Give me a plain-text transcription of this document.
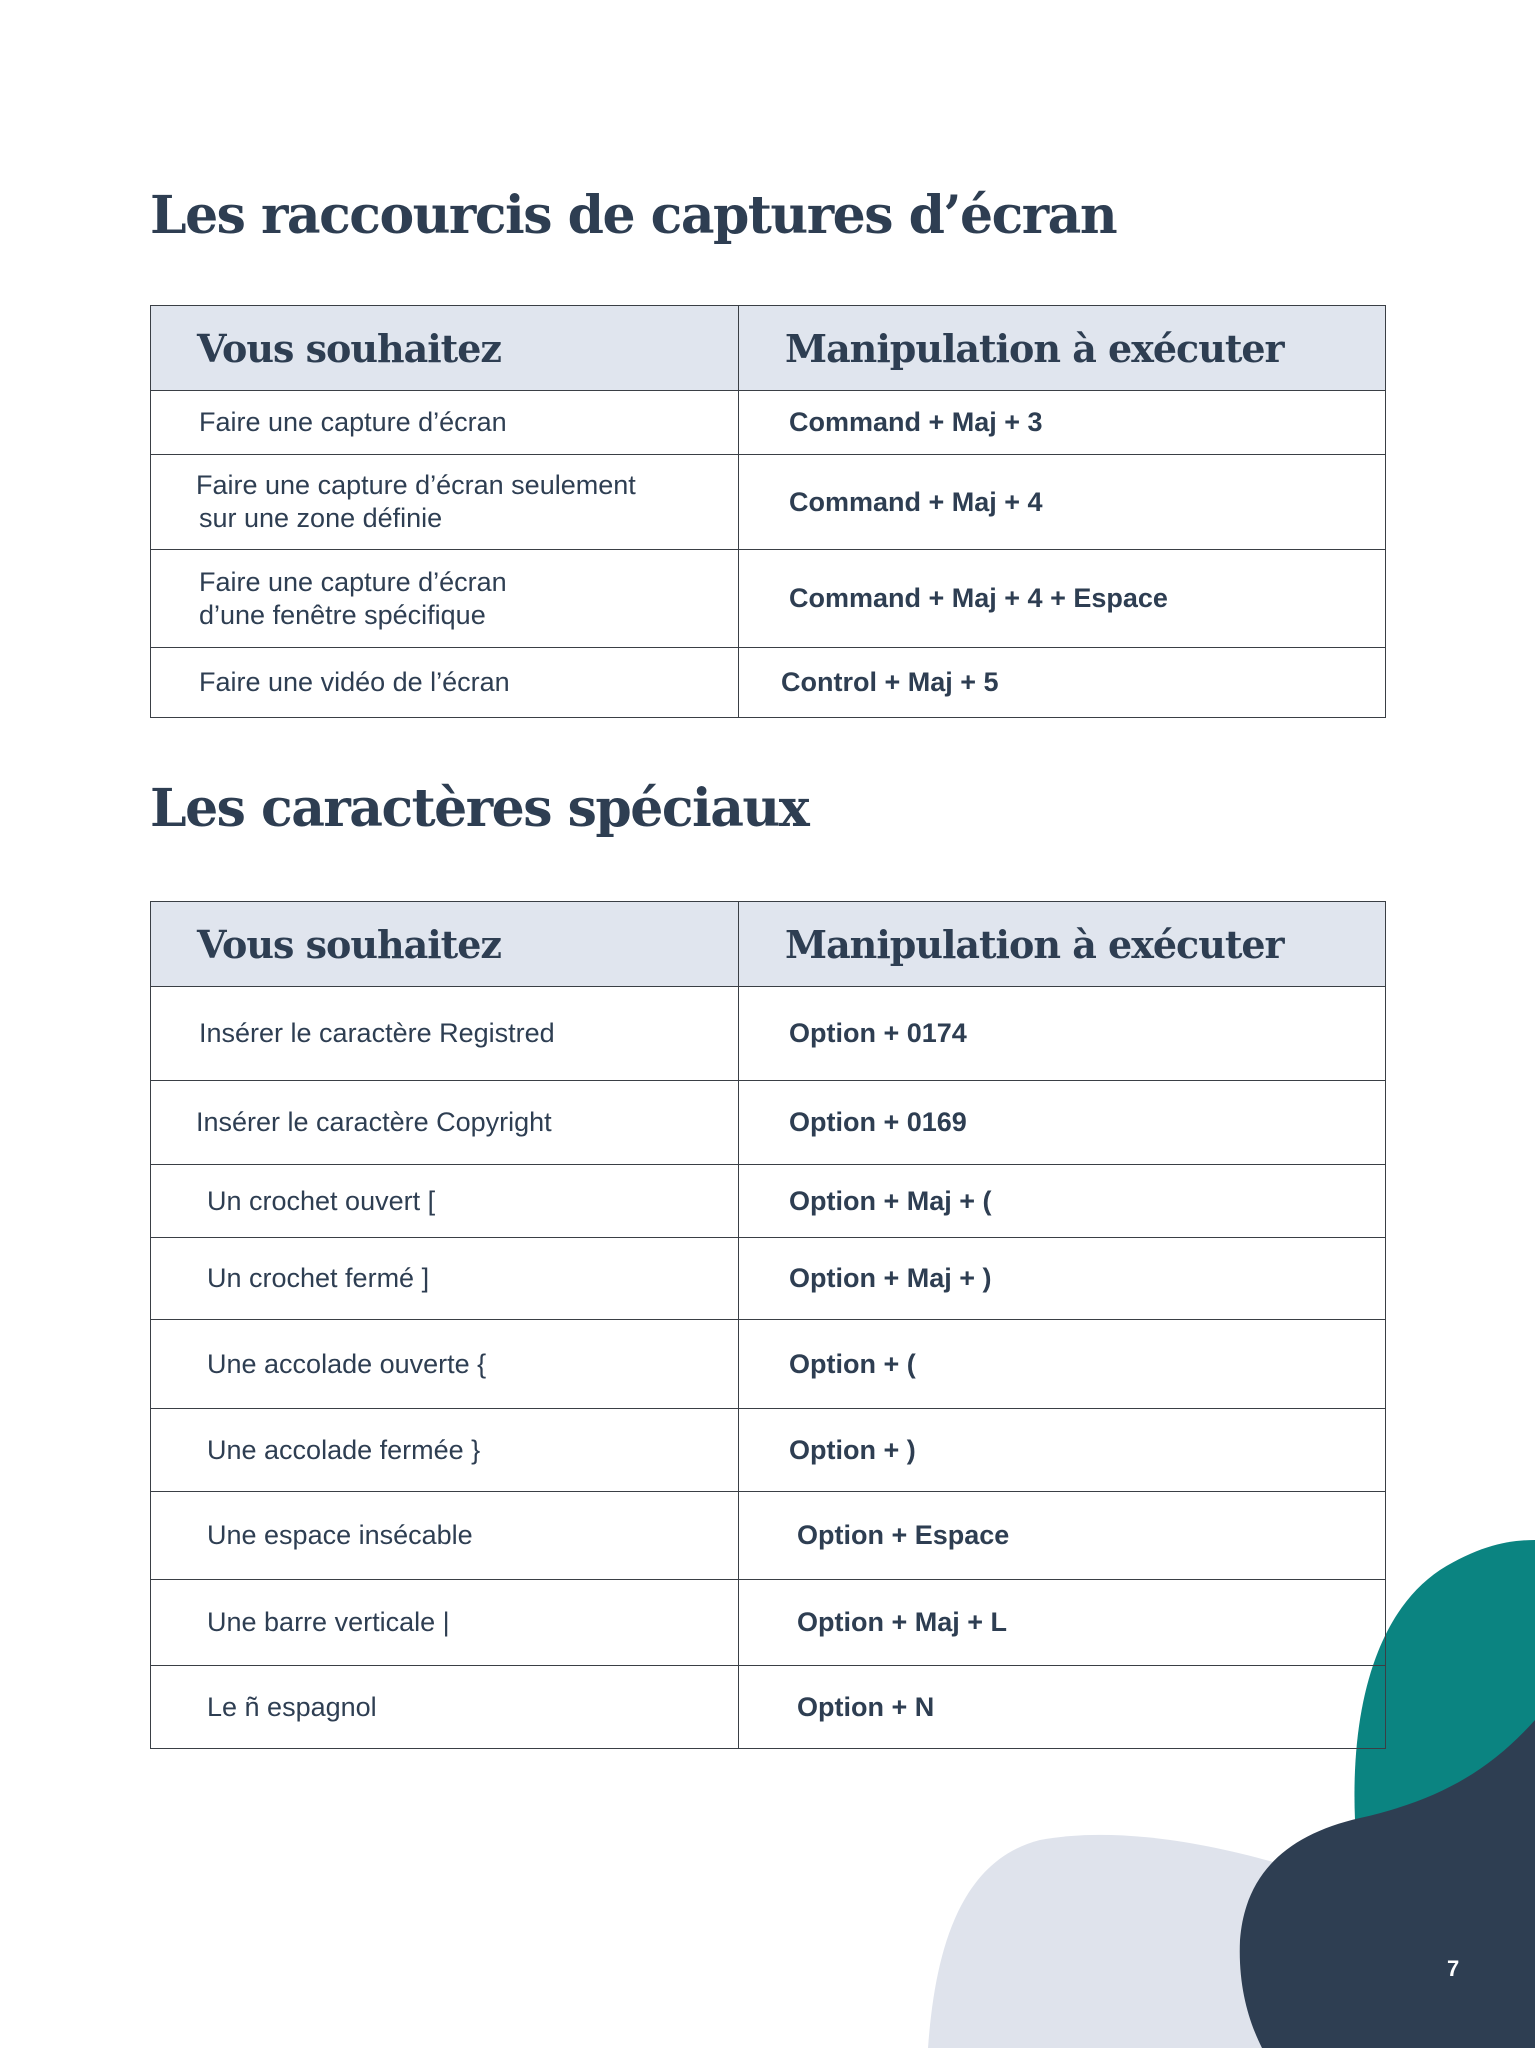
Les raccourcis de captures d’écran
Vous souhaitez	Manipulation à exécuter
Faire une capture d’écran	Command + Maj + 3
Faire une capture d’écran seulement
sur une zone définie	Command + Maj + 4
Faire une capture d’écran
d’une fenêtre spécifique	Command + Maj + 4 + Espace
Faire une vidéo de l’écran	Control + Maj + 5
Les caractères spéciaux
Vous souhaitez	Manipulation à exécuter
Insérer le caractère Registred	Option + 0174
Insérer le caractère Copyright	Option + 0169
Un crochet ouvert [	Option + Maj + (
Un crochet fermé ]	Option + Maj + )
Une accolade ouverte {	Option + (
Une accolade fermée }	Option + )
Une espace insécable	Option + Espace
Une barre verticale |	Option + Maj + L
Le ñ espagnol	Option + N
7
